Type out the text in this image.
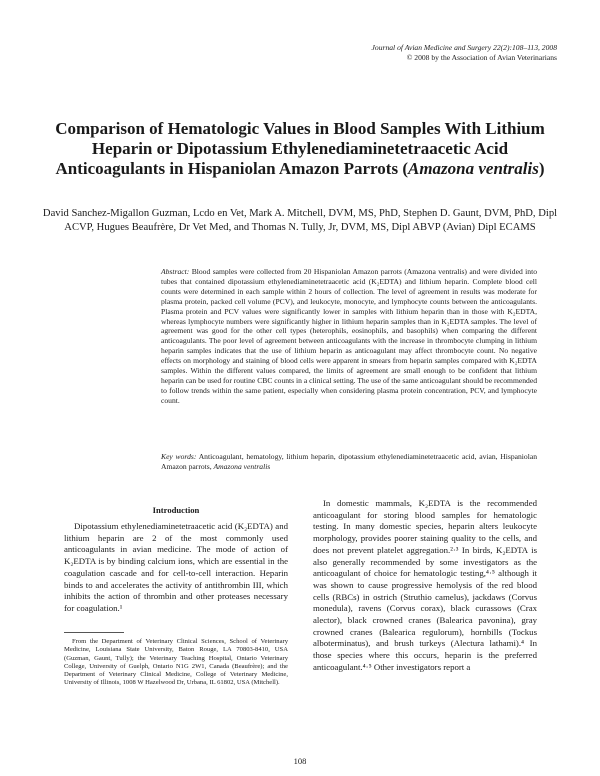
Journal of Avian Medicine and Surgery 22(2):108–113, 2008
© 2008 by the Association of Avian Veterinarians
Comparison of Hematologic Values in Blood Samples With Lithium Heparin or Dipotassium Ethylenediaminetetraacetic Acid Anticoagulants in Hispaniolan Amazon Parrots (Amazona ventralis)
David Sanchez-Migallon Guzman, Lcdo en Vet, Mark A. Mitchell, DVM, MS, PhD, Stephen D. Gaunt, DVM, PhD, Dipl ACVP, Hugues Beaufrère, Dr Vet Med, and Thomas N. Tully, Jr, DVM, MS, Dipl ABVP (Avian) Dipl ECAMS
Abstract: Blood samples were collected from 20 Hispaniolan Amazon parrots (Amazona ventralis) and were divided into tubes that contained dipotassium ethylenediaminetetraacetic acid (K₂EDTA) and lithium heparin. Complete blood cell counts were determined in each sample within 2 hours of collection. The level of agreement in results was moderate for plasma protein, packed cell volume (PCV), and leukocyte, monocyte, and lymphocyte counts between the anticoagulants. Plasma protein and PCV values were significantly lower in samples with lithium heparin than in those with K₂EDTA, whereas lymphocyte numbers were significantly higher in lithium heparin samples than in K₂EDTA samples. The level of agreement was good for the other cell types (heterophils, eosinophils, and basophils) when comparing the different anticoagulants. The poor level of agreement between anticoagulants with the increase in thrombocyte clumping in lithium heparin samples indicates that the use of lithium heparin as anticoagulant may affect thrombocyte count. No negative effects on morphology and staining of blood cells were apparent in smears from heparin samples compared with K₂EDTA samples. Within the different values compared, the limits of agreement are small enough to be confident that lithium heparin can be used for routine CBC counts in a clinical setting. The use of the same anticoagulant should be recommended to follow trends within the same patient, especially when considering plasma protein concentration, PCV, and lymphocyte count.
Key words: Anticoagulant, hematology, lithium heparin, dipotassium ethylenediaminetetraacetic acid, avian, Hispaniolan Amazon parrots, Amazona ventralis
Introduction

Dipotassium ethylenediaminetetraacetic acid (K₂EDTA) and lithium heparin are 2 of the most commonly used anticoagulants in avian medicine. The mode of action of K₂EDTA is by binding calcium ions, which are essential in the coagulation cascade and for cell-to-cell interaction. Heparin binds to and accelerates the activity of antithrombin III, which inhibits the action of thrombin and other proteases necessary for coagulation.¹

From the Department of Veterinary Clinical Sciences, School of Veterinary Medicine, Louisiana State University, Baton Rouge, LA 70803-8410, USA (Guzman, Gaunt, Tully); the Veterinary Teaching Hospital, Ontario Veterinary College, University of Guelph, Ontario N1G 2W1, Canada (Beaufrère); and the Department of Veterinary Clinical Medicine, College of Veterinary Medicine, University of Illinois, 1008 W Hazelwood Dr, Urbana, IL 61802, USA (Mitchell).

In domestic mammals, K₂EDTA is the recommended anticoagulant for storing blood samples for hematologic testing. In many domestic species, heparin alters leukocyte morphology, provides poorer staining quality to the cells, and does not prevent platelet aggregation.²·³ In birds, K₂EDTA is also generally recommended by some investigators as the anticoagulant of choice for hematologic testing,⁴·⁵ although it was shown to cause progressive hemolysis of the red blood cells (RBCs) in ostrich (Struthio camelus), jackdaws (Corvus monedula), ravens (Corvus corax), black curassows (Crax alector), black crowned cranes (Balearica pavonina), gray crowned cranes (Balearica regulorum), hornbills (Tockus alboterminatus), and brush turkeys (Alectura lathami).⁴ In those species where this occurs, heparin is the preferred anticoagulant.⁴·⁵ Other investigators report a

108
